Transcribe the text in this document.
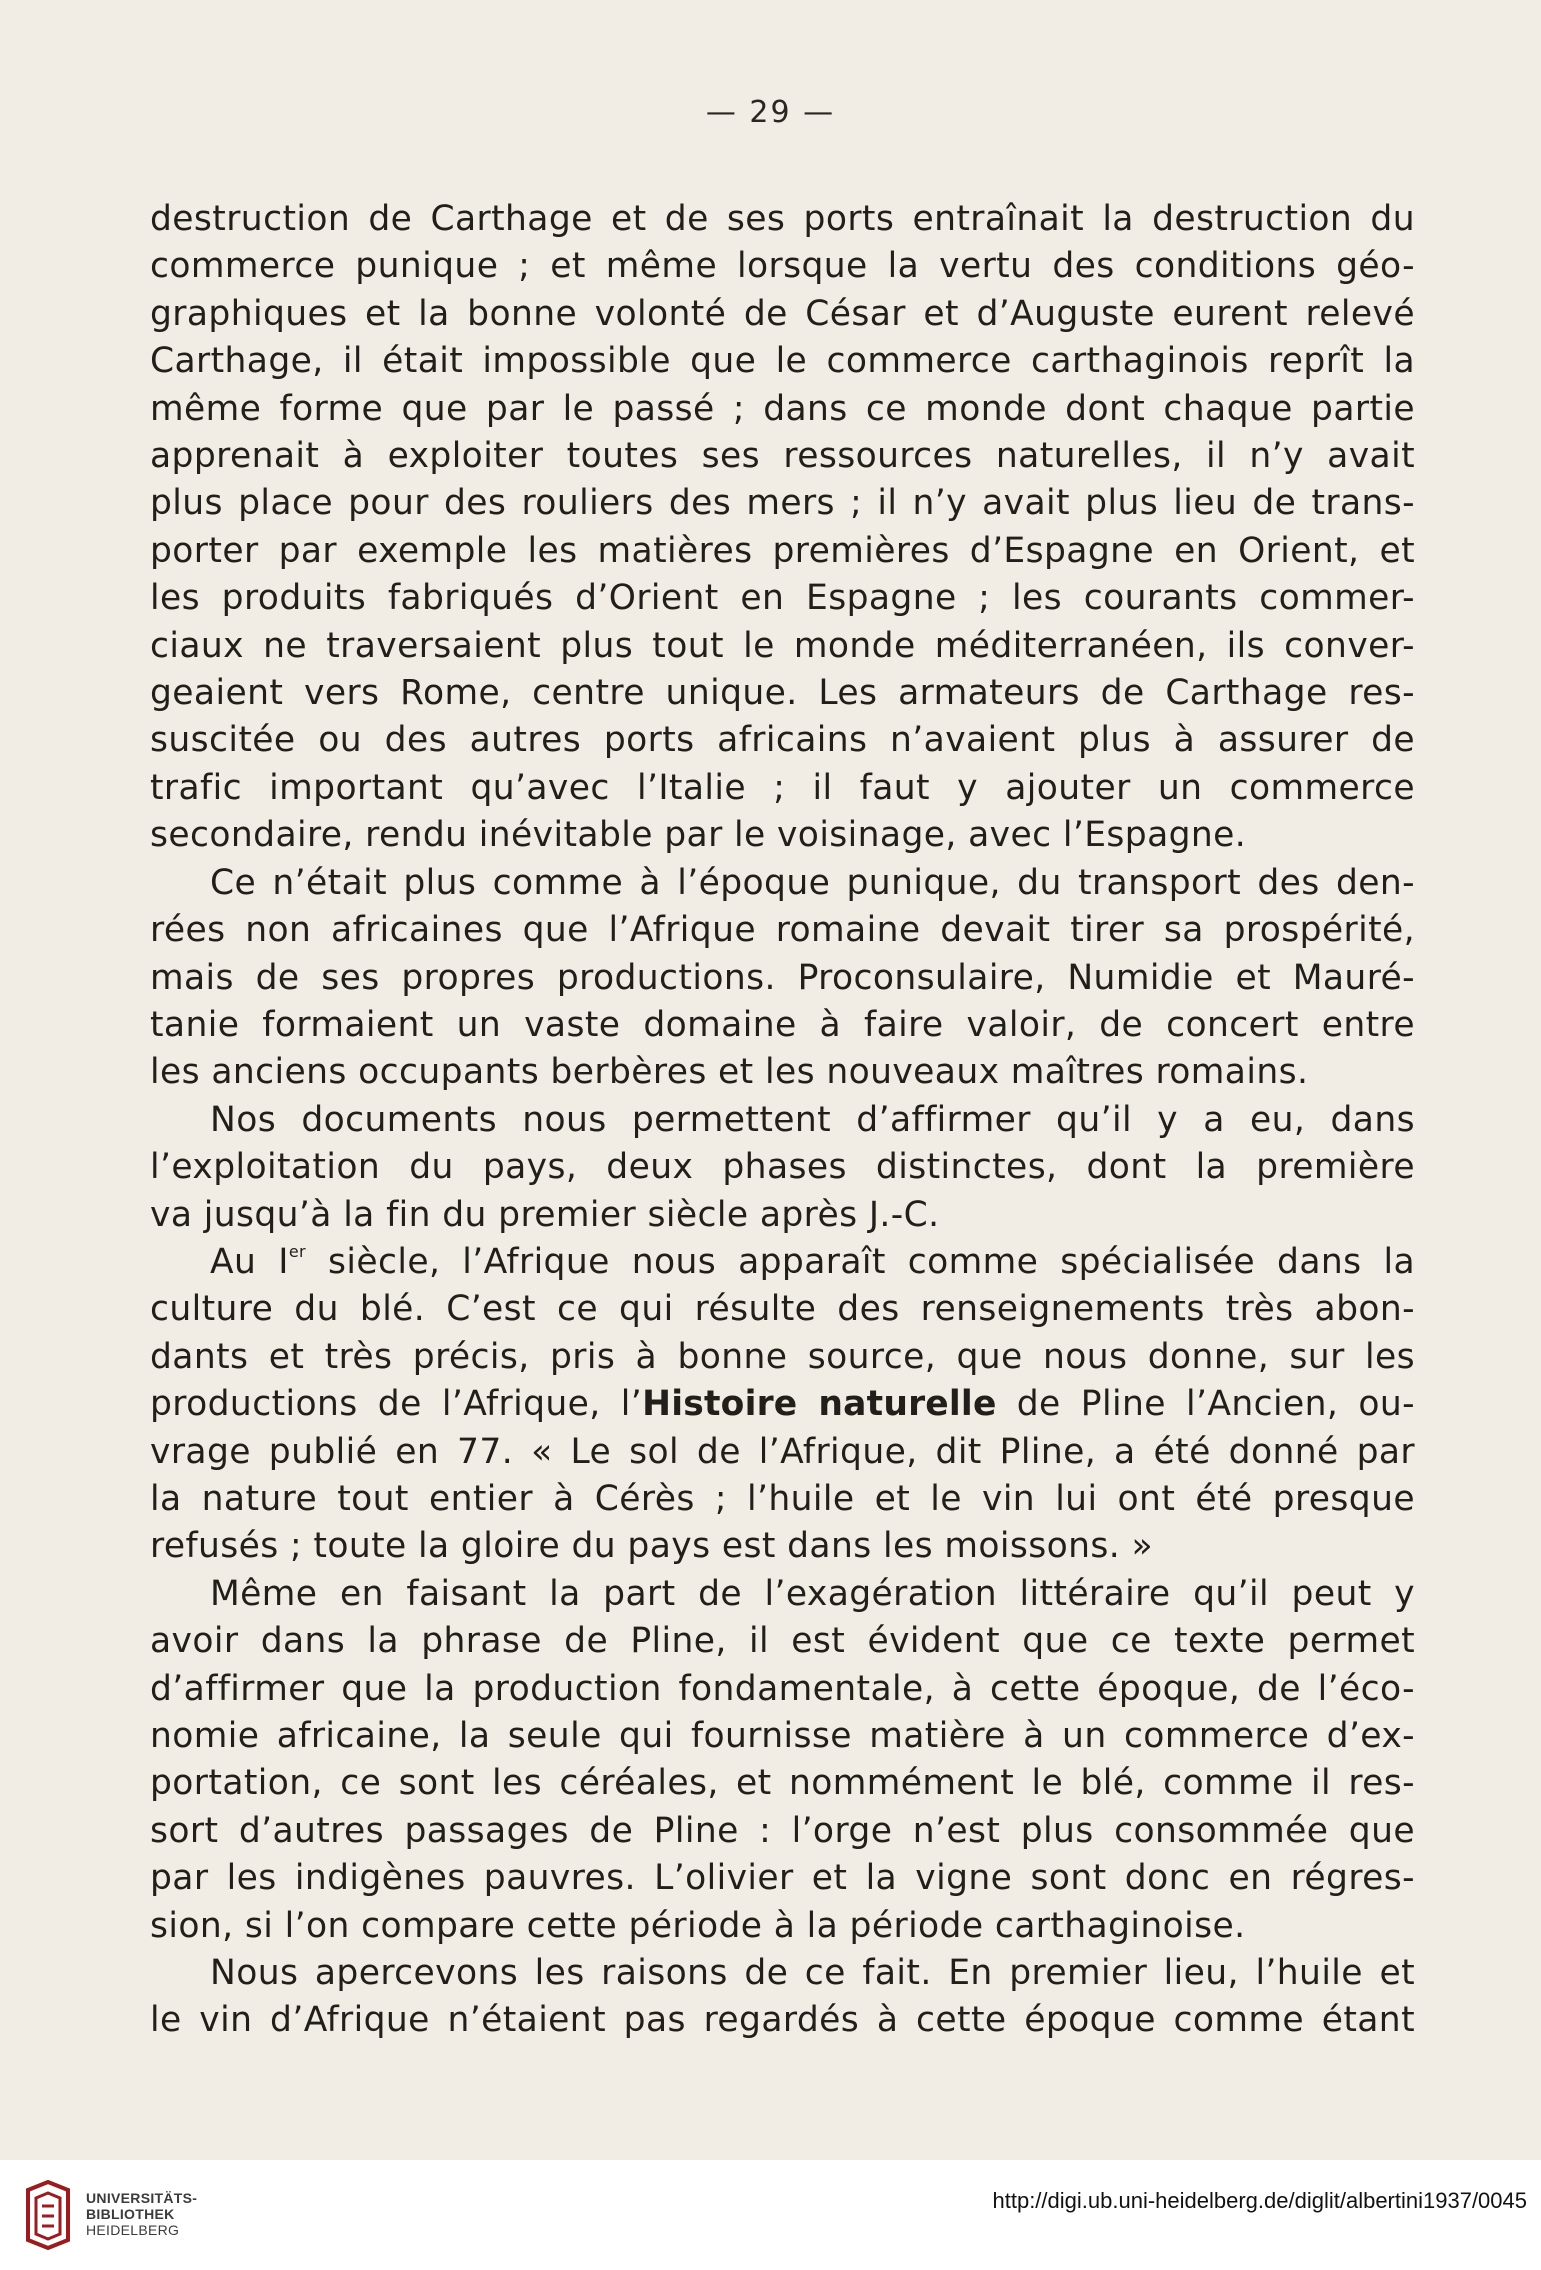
— 29 —
destruction de Carthage et de ses ports entraînait la destruction du
commerce punique ; et même lorsque la vertu des conditions géo-
graphiques et la bonne volonté de César et d’Auguste eurent relevé
Carthage, il était impossible que le commerce carthaginois reprît la
même forme que par le passé ; dans ce monde dont chaque partie
apprenait à exploiter toutes ses ressources naturelles, il n’y avait
plus place pour des rouliers des mers ; il n’y avait plus lieu de trans-
porter par exemple les matières premières d’Espagne en Orient, et
les produits fabriqués d’Orient en Espagne ; les courants commer-
ciaux ne traversaient plus tout le monde méditerranéen, ils conver-
geaient vers Rome, centre unique. Les armateurs de Carthage res-
suscitée ou des autres ports africains n’avaient plus à assurer de
trafic important qu’avec l’Italie ; il faut y ajouter un commerce
secondaire, rendu inévitable par le voisinage, avec l’Espagne.
Ce n’était plus comme à l’époque punique, du transport des den-
rées non africaines que l’Afrique romaine devait tirer sa prospérité,
mais de ses propres productions. Proconsulaire, Numidie et Mauré-
tanie formaient un vaste domaine à faire valoir, de concert entre
les anciens occupants berbères et les nouveaux maîtres romains.
Nos documents nous permettent d’affirmer qu’il y a eu, dans
l’exploitation du pays, deux phases distinctes, dont la première
va jusqu’à la fin du premier siècle après J.-C.
Au Ier siècle, l’Afrique nous apparaît comme spécialisée dans la
culture du blé. C’est ce qui résulte des renseignements très abon-
dants et très précis, pris à bonne source, que nous donne, sur les
productions de l’Afrique, l’Histoire naturelle de Pline l’Ancien, ou-
vrage publié en 77. « Le sol de l’Afrique, dit Pline, a été donné par
la nature tout entier à Cérès ; l’huile et le vin lui ont été presque
refusés ; toute la gloire du pays est dans les moissons. »
Même en faisant la part de l’exagération littéraire qu’il peut y
avoir dans la phrase de Pline, il est évident que ce texte permet
d’affirmer que la production fondamentale, à cette époque, de l’éco-
nomie africaine, la seule qui fournisse matière à un commerce d’ex-
portation, ce sont les céréales, et nommément le blé, comme il res-
sort d’autres passages de Pline : l’orge n’est plus consommée que
par les indigènes pauvres. L’olivier et la vigne sont donc en régres-
sion, si l’on compare cette période à la période carthaginoise.
Nous apercevons les raisons de ce fait. En premier lieu, l’huile et
le vin d’Afrique n’étaient pas regardés à cette époque comme étant
UNIVERSITÄTS-
BIBLIOTHEK
HEIDELBERG
http://digi.ub.uni-heidelberg.de/diglit/albertini1937/0045
